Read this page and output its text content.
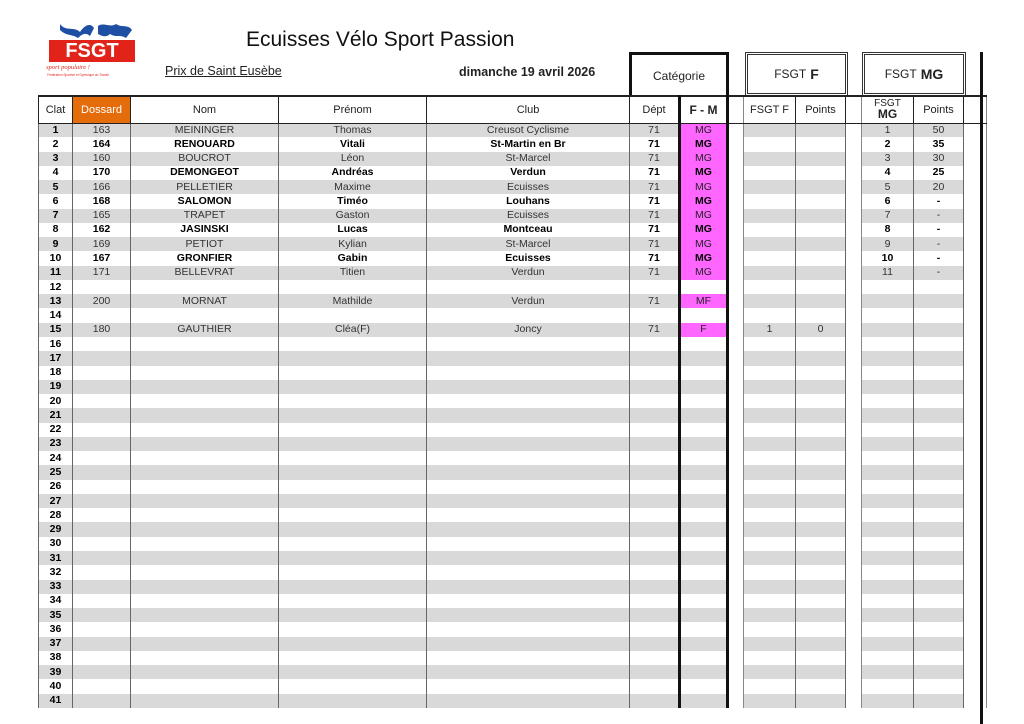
FSGT
sport populaire !
Fédération Sportive et Gymnique du Travail
Ecuisses Vélo Sport Passion
Prix de Saint Eusèbe	dimanche 19 avril 2026	Catégorie	FSGT F	FSGT MG
Clat	Dossard	Nom	Prénom	Club	Dépt	F - M		FSGT F	Points		FSGT
MG	Points	
1	163	MEININGER	Thomas	Creusot Cyclisme	71	MG					1	50	
2	164	RENOUARD	Vitali	St-Martin en Br	71	MG					2	35	
3	160	BOUCROT	Léon	St-Marcel	71	MG					3	30	
4	170	DEMONGEOT	Andréas	Verdun	71	MG					4	25	
5	166	PELLETIER	Maxime	Ecuisses	71	MG					5	20	
6	168	SALOMON	Timéo	Louhans	71	MG					6	-	
7	165	TRAPET	Gaston	Ecuisses	71	MG					7	-	
8	162	JASINSKI	Lucas	Montceau	71	MG					8	-	
9	169	PETIOT	Kylian	St-Marcel	71	MG					9	-	
10	167	GRONFIER	Gabin	Ecuisses	71	MG					10	-	
11	171	BELLEVRAT	Titien	Verdun	71	MG					11	-	
12													
13	200	MORNAT	Mathilde	Verdun	71	MF							
14													
15	180	GAUTHIER	Cléa(F)	Joncy	71	F		1	0				
16													
17													
18													
19													
20													
21													
22													
23													
24													
25													
26													
27													
28													
29													
30													
31													
32													
33													
34													
35													
36													
37													
38													
39													
40													
41													
